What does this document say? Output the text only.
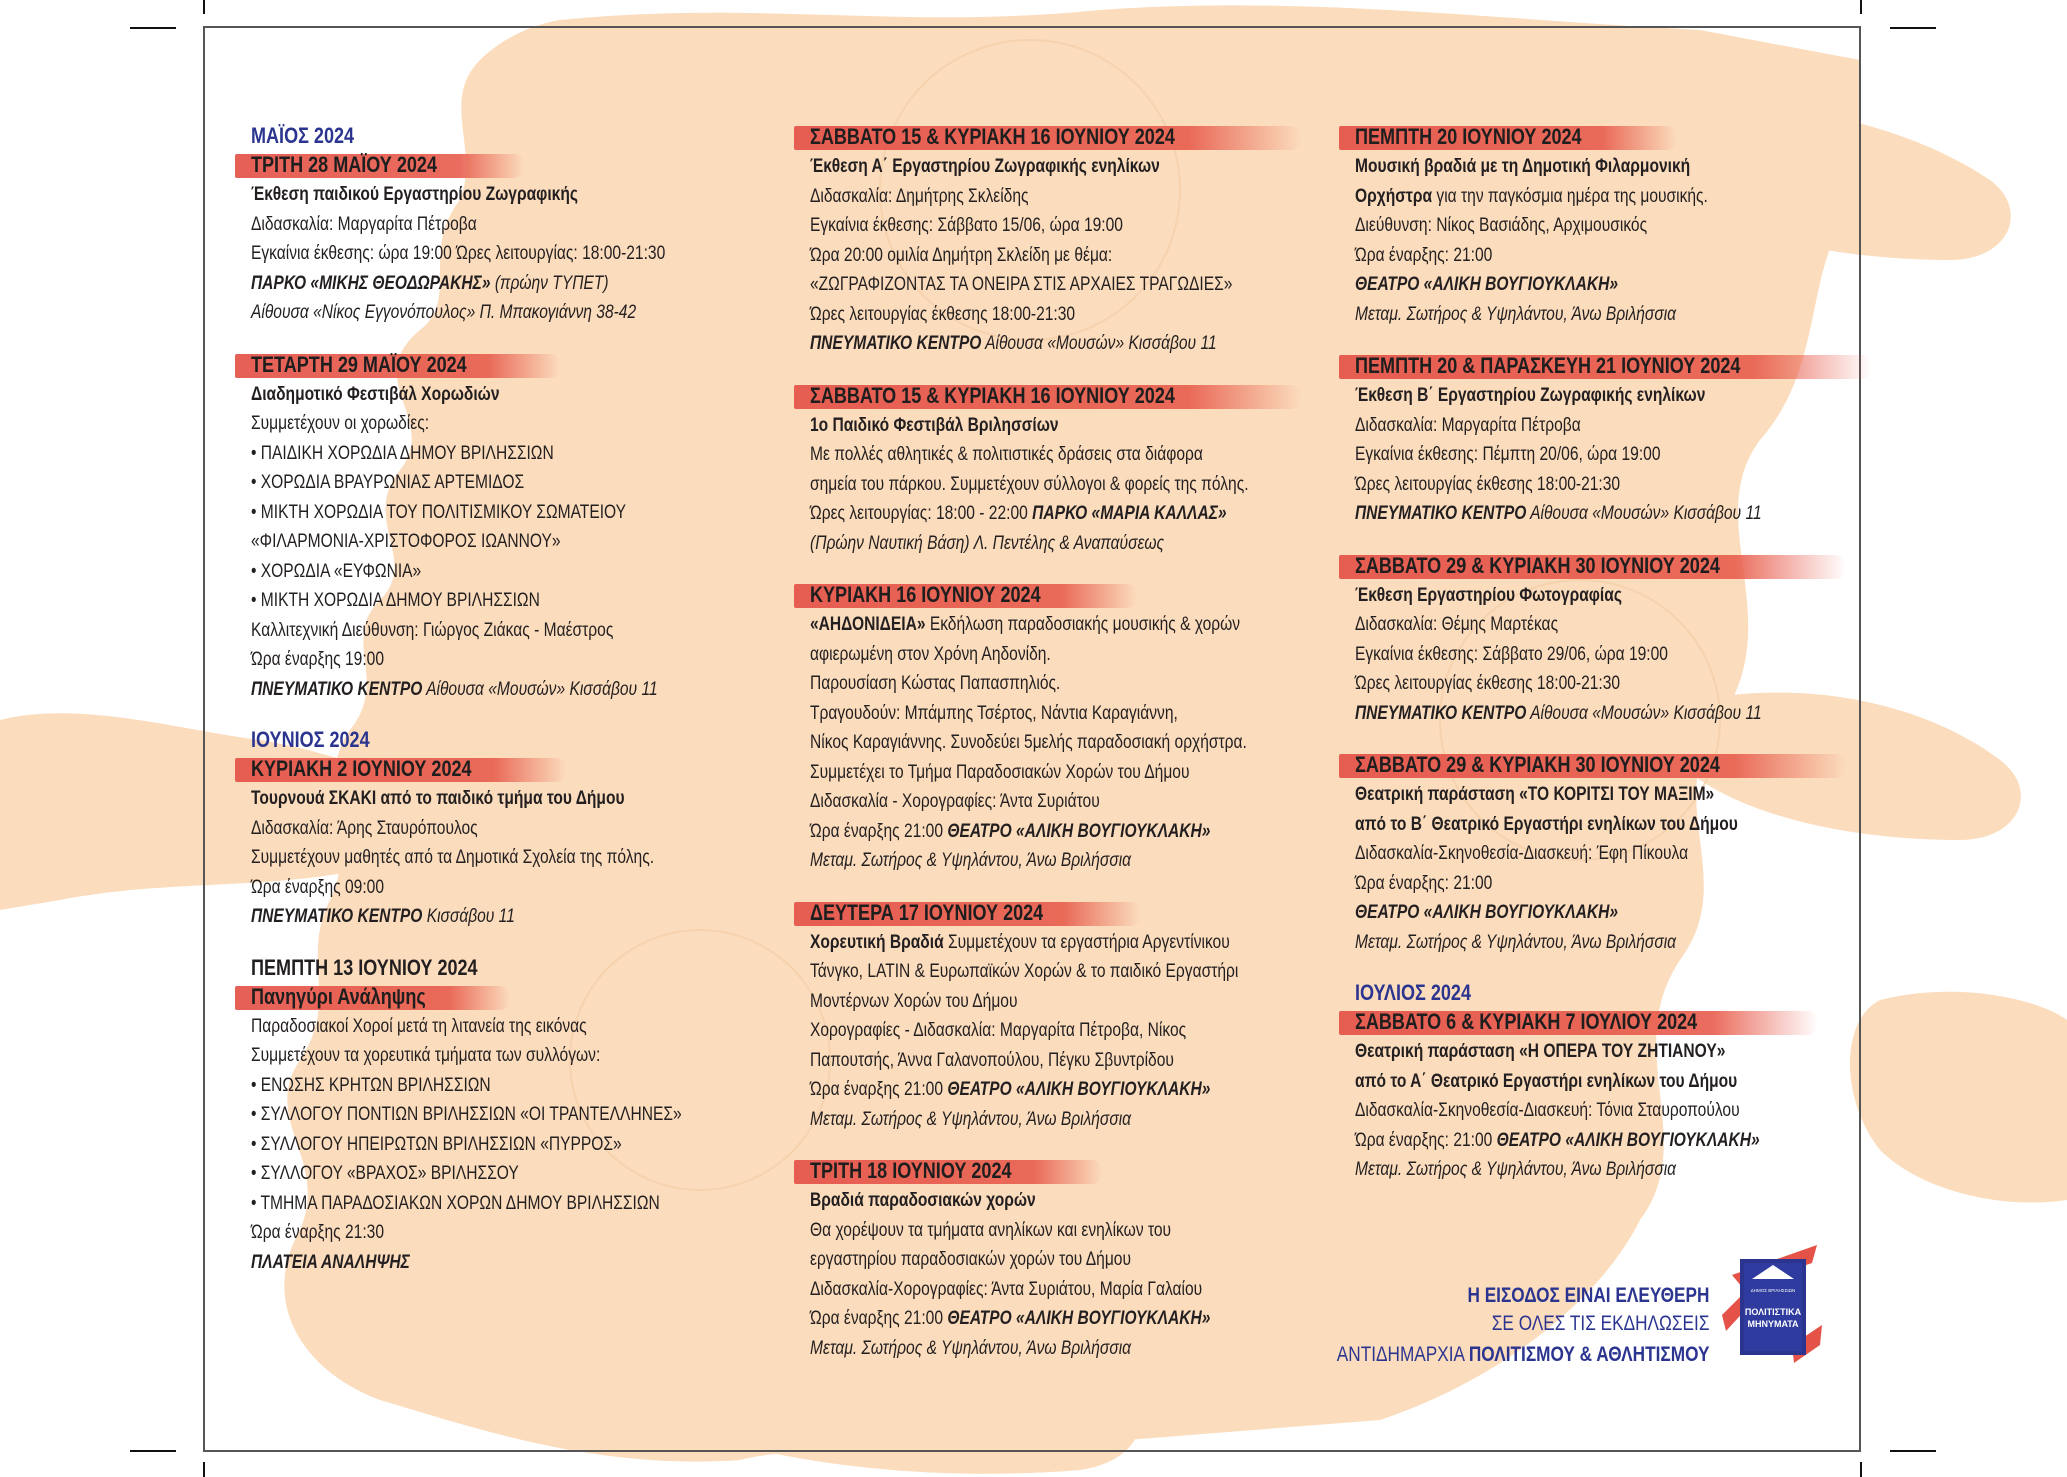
ΜΑΪΟΣ 2024
ΤΡΙΤΗ 28 ΜΑΪΟΥ 2024
Έκθεση παιδικού Εργαστηρίου Ζωγραφικής
Διδασκαλία: Μαργαρίτα Πέτροβα
Εγκαίνια έκθεσης: ώρα 19:00 Ώρες λειτουργίας: 18:00-21:30
ΠΑΡΚΟ «ΜΙΚΗΣ ΘΕΟΔΩΡΑΚΗΣ» (πρώην ΤΥΠΕΤ)
Αίθουσα «Νίκος Εγγονόπουλος» Π. Μπακογιάννη 38-42
ΤΕΤΑΡΤΗ 29 ΜΑΪΟΥ 2024
Διαδημοτικό Φεστιβάλ Χορωδιών
Συμμετέχουν οι χορωδίες:
• ΠΑΙΔΙΚΗ ΧΟΡΩΔΙΑ ΔΗΜΟΥ ΒΡΙΛΗΣΣΙΩΝ
• ΧΟΡΩΔΙΑ ΒΡΑΥΡΩΝΙΑΣ ΑΡΤΕΜΙΔΟΣ
• ΜΙΚΤΗ ΧΟΡΩΔΙΑ ΤΟΥ ΠΟΛΙΤΙΣΜΙΚΟΥ ΣΩΜΑΤΕΙΟΥ
«ΦΙΛΑΡΜΟΝΙΑ-ΧΡΙΣΤΟΦΟΡΟΣ ΙΩΑΝΝΟΥ»
• ΧΟΡΩΔΙΑ «ΕΥΦΩΝΙΑ»
• ΜΙΚΤΗ ΧΟΡΩΔΙΑ ΔΗΜΟΥ ΒΡΙΛΗΣΣΙΩΝ
Καλλιτεχνική Διεύθυνση: Γιώργος Ζιάκας - Μαέστρος
Ώρα έναρξης 19:00
ΠΝΕΥΜΑΤΙΚΟ ΚΕΝΤΡΟ Αίθουσα «Μουσών» Κισσάβου 11
ΙΟΥΝΙΟΣ 2024
ΚΥΡΙΑΚΗ 2 ΙΟΥΝΙΟΥ 2024
Τουρνουά ΣΚΑΚΙ από το παιδικό τμήμα του Δήμου
Διδασκαλία: Άρης Σταυρόπουλος
Συμμετέχουν μαθητές από τα Δημοτικά Σχολεία της πόλης.
Ώρα έναρξης 09:00
ΠΝΕΥΜΑΤΙΚΟ ΚΕΝΤΡΟ Κισσάβου 11
ΠΕΜΠΤΗ 13 ΙΟΥΝΙΟΥ 2024
Πανηγύρι Ανάληψης
Παραδοσιακοί Χοροί μετά τη λιτανεία της εικόνας
Συμμετέχουν τα χορευτικά τμήματα των συλλόγων:
• ΕΝΩΣΗΣ ΚΡΗΤΩΝ ΒΡΙΛΗΣΣΙΩΝ
• ΣΥΛΛΟΓΟΥ ΠΟΝΤΙΩΝ ΒΡΙΛΗΣΣΙΩΝ «ΟΙ ΤΡΑΝΤΕΛΛΗΝΕΣ»
• ΣΥΛΛΟΓΟΥ ΗΠΕΙΡΩΤΩΝ ΒΡΙΛΗΣΣΙΩΝ «ΠΥΡΡΟΣ»
• ΣΥΛΛΟΓΟΥ «ΒΡΑΧΟΣ» ΒΡΙΛΗΣΣΟΥ
• ΤΜΗΜΑ ΠΑΡΑΔΟΣΙΑΚΩΝ ΧΟΡΩΝ ΔΗΜΟΥ ΒΡΙΛΗΣΣΙΩΝ
Ώρα έναρξης 21:30
ΠΛΑΤΕΙΑ ΑΝΑΛΗΨΗΣ
ΣΑΒΒΑΤΟ 15 & ΚΥΡΙΑΚΗ 16 ΙΟΥΝΙΟΥ 2024
Έκθεση Α΄ Εργαστηρίου Ζωγραφικής ενηλίκων
Διδασκαλία: Δημήτρης Σκλείδης
Εγκαίνια έκθεσης: Σάββατο 15/06, ώρα 19:00
Ώρα 20:00 ομιλία Δημήτρη Σκλείδη με θέμα:
«ΖΩΓΡΑΦΙΖΟΝΤΑΣ ΤΑ ΟΝΕΙΡΑ ΣΤΙΣ ΑΡΧΑΙΕΣ ΤΡΑΓΩΔΙΕΣ»
Ώρες λειτουργίας έκθεσης 18:00-21:30
ΠΝΕΥΜΑΤΙΚΟ ΚΕΝΤΡΟ Αίθουσα «Μουσών» Κισσάβου 11
ΣΑΒΒΑΤΟ 15 & ΚΥΡΙΑΚΗ 16 ΙΟΥΝΙΟΥ 2024
1ο Παιδικό Φεστιβάλ Βριλησσίων
Με πολλές αθλητικές & πολιτιστικές δράσεις στα διάφορα
σημεία του πάρκου. Συμμετέχουν σύλλογοι & φορείς της πόλης.
Ώρες λειτουργίας: 18:00 - 22:00 ΠΑΡΚΟ «ΜΑΡΙΑ ΚΑΛΛΑΣ»
(Πρώην Ναυτική Βάση) Λ. Πεντέλης & Αναπαύσεως
ΚΥΡΙΑΚΗ 16 ΙΟΥΝΙΟΥ 2024
«ΑΗΔΟΝΙΔΕΙΑ» Εκδήλωση παραδοσιακής μουσικής & χορών
αφιερωμένη στον Χρόνη Αηδονίδη.
Παρουσίαση Κώστας Παπασπηλιός.
Τραγουδούν: Μπάμπης Τσέρτος, Νάντια Καραγιάννη,
Νίκος Καραγιάννης. Συνοδεύει 5μελής παραδοσιακή ορχήστρα.
Συμμετέχει το Τμήμα Παραδοσιακών Χορών του Δήμου
Διδασκαλία - Χορογραφίες: Άντα Συριάτου
Ώρα έναρξης 21:00 ΘΕΑΤΡΟ «ΑΛΙΚΗ ΒΟΥΓΙΟΥΚΛΑΚΗ»
Μεταμ. Σωτήρος & Υψηλάντου, Άνω Βριλήσσια
ΔΕΥΤΕΡΑ 17 ΙΟΥΝΙΟΥ 2024
Χορευτική Βραδιά Συμμετέχουν τα εργαστήρια Αργεντίνικου
Τάνγκο, LATIN & Ευρωπαϊκών Χορών & το παιδικό Εργαστήρι
Μοντέρνων Χορών του Δήμου
Χορογραφίες - Διδασκαλία: Μαργαρίτα Πέτροβα, Νίκος
Παπουτσής, Άννα Γαλανοπούλου, Πέγκυ Σβυντρίδου
Ώρα έναρξης 21:00 ΘΕΑΤΡΟ «ΑΛΙΚΗ ΒΟΥΓΙΟΥΚΛΑΚΗ»
Μεταμ. Σωτήρος & Υψηλάντου, Άνω Βριλήσσια
ΤΡΙΤΗ 18 ΙΟΥΝΙΟΥ 2024
Βραδιά παραδοσιακών χορών
Θα χορέψουν τα τμήματα ανηλίκων και ενηλίκων του
εργαστηρίου παραδοσιακών χορών του Δήμου
Διδασκαλία-Χορογραφίες: Άντα Συριάτου, Μαρία Γαλαίου
Ώρα έναρξης 21:00 ΘΕΑΤΡΟ «ΑΛΙΚΗ ΒΟΥΓΙΟΥΚΛΑΚΗ»
Μεταμ. Σωτήρος & Υψηλάντου, Άνω Βριλήσσια
ΠΕΜΠΤΗ 20 ΙΟΥΝΙΟΥ 2024
Μουσική βραδιά με τη Δημοτική Φιλαρμονική
Ορχήστρα για την παγκόσμια ημέρα της μουσικής.
Διεύθυνση: Νίκος Βασιάδης, Αρχιμουσικός
Ώρα έναρξης: 21:00
ΘΕΑΤΡΟ «ΑΛΙΚΗ ΒΟΥΓΙΟΥΚΛΑΚΗ»
Μεταμ. Σωτήρος & Υψηλάντου, Άνω Βριλήσσια
ΠΕΜΠΤΗ 20 & ΠΑΡΑΣΚΕΥΗ 21 ΙΟΥΝΙΟΥ 2024
Έκθεση Β΄ Εργαστηρίου Ζωγραφικής ενηλίκων
Διδασκαλία: Μαργαρίτα Πέτροβα
Εγκαίνια έκθεσης: Πέμπτη 20/06, ώρα 19:00
Ώρες λειτουργίας έκθεσης 18:00-21:30
ΠΝΕΥΜΑΤΙΚΟ ΚΕΝΤΡΟ Αίθουσα «Μουσών» Κισσάβου 11
ΣΑΒΒΑΤΟ 29 & ΚΥΡΙΑΚΗ 30 ΙΟΥΝΙΟΥ 2024
Έκθεση Εργαστηρίου Φωτογραφίας
Διδασκαλία: Θέμης Μαρτέκας
Εγκαίνια έκθεσης: Σάββατο 29/06, ώρα 19:00
Ώρες λειτουργίας έκθεσης 18:00-21:30
ΠΝΕΥΜΑΤΙΚΟ ΚΕΝΤΡΟ Αίθουσα «Μουσών» Κισσάβου 11
ΣΑΒΒΑΤΟ 29 & ΚΥΡΙΑΚΗ 30 ΙΟΥΝΙΟΥ 2024
Θεατρική παράσταση «ΤΟ ΚΟΡΙΤΣΙ ΤΟΥ ΜΑΞΙΜ»
από το Β΄ Θεατρικό Εργαστήρι ενηλίκων του Δήμου
Διδασκαλία-Σκηνοθεσία-Διασκευή: Έφη Πίκουλα
Ώρα έναρξης: 21:00
ΘΕΑΤΡΟ «ΑΛΙΚΗ ΒΟΥΓΙΟΥΚΛΑΚΗ»
Μεταμ. Σωτήρος & Υψηλάντου, Άνω Βριλήσσια
ΙΟΥΛΙΟΣ 2024
ΣΑΒΒΑΤΟ 6 & ΚΥΡΙΑΚΗ 7 ΙΟΥΛΙΟΥ 2024
Θεατρική παράσταση «Η ΟΠΕΡΑ ΤΟΥ ΖΗΤΙΑΝΟΥ»
από το Α΄ Θεατρικό Εργαστήρι ενηλίκων του Δήμου
Διδασκαλία-Σκηνοθεσία-Διασκευή: Τόνια Σταυροπούλου
Ώρα έναρξης: 21:00 ΘΕΑΤΡΟ «ΑΛΙΚΗ ΒΟΥΓΙΟΥΚΛΑΚΗ»
Μεταμ. Σωτήρος & Υψηλάντου, Άνω Βριλήσσια
Η ΕΙΣΟΔΟΣ ΕΙΝΑΙ ΕΛΕΥΘΕΡΗ
ΣΕ ΟΛΕΣ ΤΙΣ ΕΚΔΗΛΩΣΕΙΣ
ΑΝΤΙΔΗΜΑΡΧΙΑ ΠΟΛΙΤΙΣΜΟΥ & ΑΘΛΗΤΙΣΜΟΥ
ΔΗΜΟΣ ΒΡΙΛΗΣΣΙΩΝ
ΠΟΛΙΤΙΣΤΙΚΑ
ΜΗΝΥΜΑΤΑ
